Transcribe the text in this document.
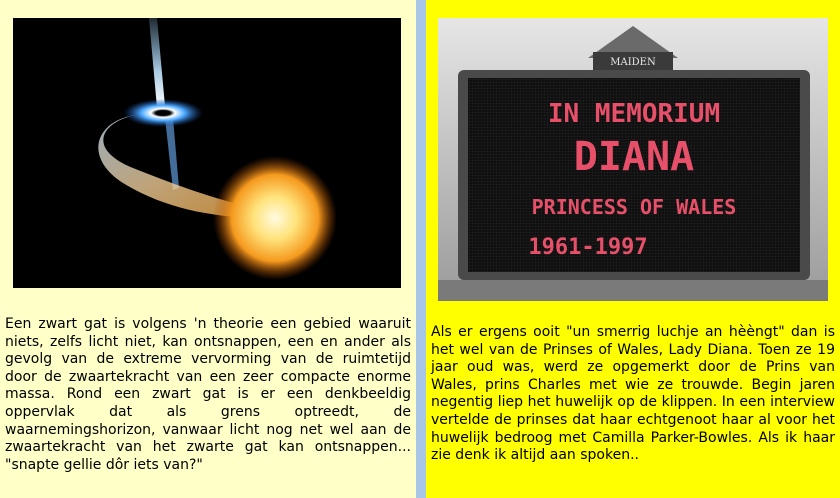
Een zwart gat is volgens 'n theorie een gebied waaruit niets, zelfs licht niet, kan ontsnappen, een en ander als gevolg van de extreme vervorming van de ruimtetijd door de zwaartekracht van een zeer compacte enorme massa. Rond een zwart gat is er een denkbeeldig oppervlak dat als grens optreedt, de waarnemingshorizon, vanwaar licht nog net wel aan de zwaartekracht van het zwarte gat kan ontsnappen... "snapte gellie dôr iets van?"

MAIDEN
IN MEMORIUM
DIANA
PRINCESS OF WALES
1961-1997

Als er ergens ooit "un smerrig luchje an hèèngt" dan is het wel van de Prinses of Wales, Lady Diana. Toen ze 19 jaar oud was, werd ze opgemerkt door de Prins van Wales, prins Charles met wie ze trouwde. Begin jaren negentig liep het huwelijk op de klippen. In een interview vertelde de prinses dat haar echtgenoot haar al voor het huwelijk bedroog met Camilla Parker-Bowles. Als ik haar zie denk ik altijd aan spoken..
